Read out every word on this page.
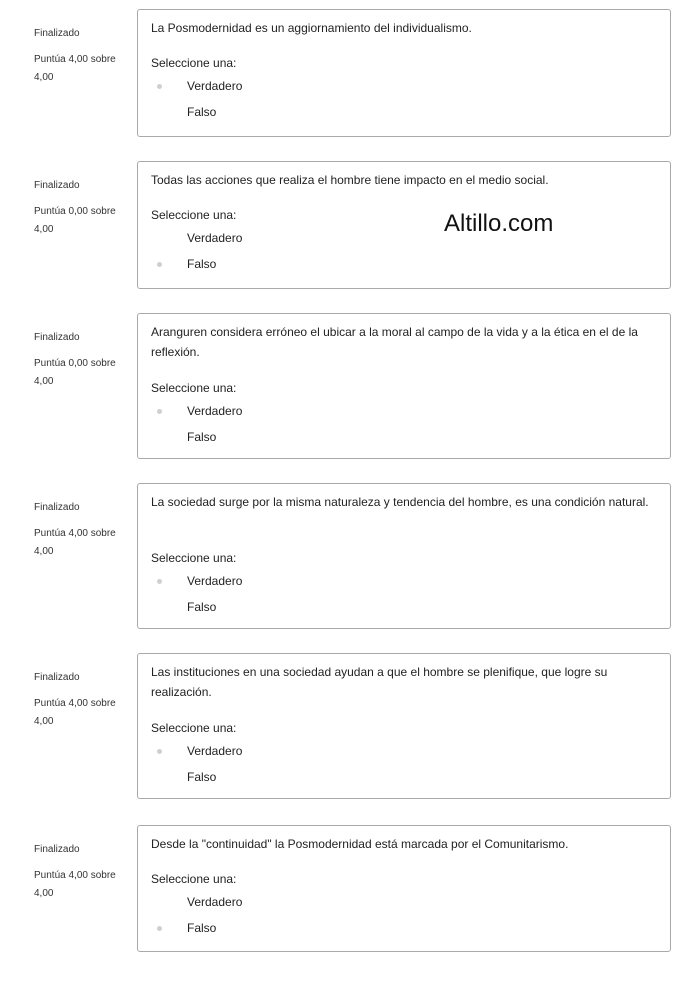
Finalizado
Puntúa 4,00 sobre 4,00
La Posmodernidad es un aggiornamiento del individualismo.
Seleccione una:
Verdadero
Falso
Finalizado
Puntúa 0,00 sobre 4,00
Todas las acciones que realiza el hombre tiene impacto en el medio social.
Seleccione una:
Verdadero
Falso
Finalizado
Puntúa 0,00 sobre 4,00
Aranguren considera erróneo el ubicar a la moral al campo de la vida y a la ética en el de la reflexión.
Seleccione una:
Verdadero
Falso
Finalizado
Puntúa 4,00 sobre 4,00
La sociedad surge por la misma naturaleza y tendencia del hombre, es una condición natural.
Seleccione una:
Verdadero
Falso
Finalizado
Puntúa 4,00 sobre 4,00
Las instituciones en una sociedad ayudan a que el hombre se plenifique, que logre su realización.
Seleccione una:
Verdadero
Falso
Finalizado
Puntúa 4,00 sobre 4,00
Desde la "continuidad" la Posmodernidad está marcada por el Comunitarismo.
Seleccione una:
Verdadero
Falso
Altillo.com
